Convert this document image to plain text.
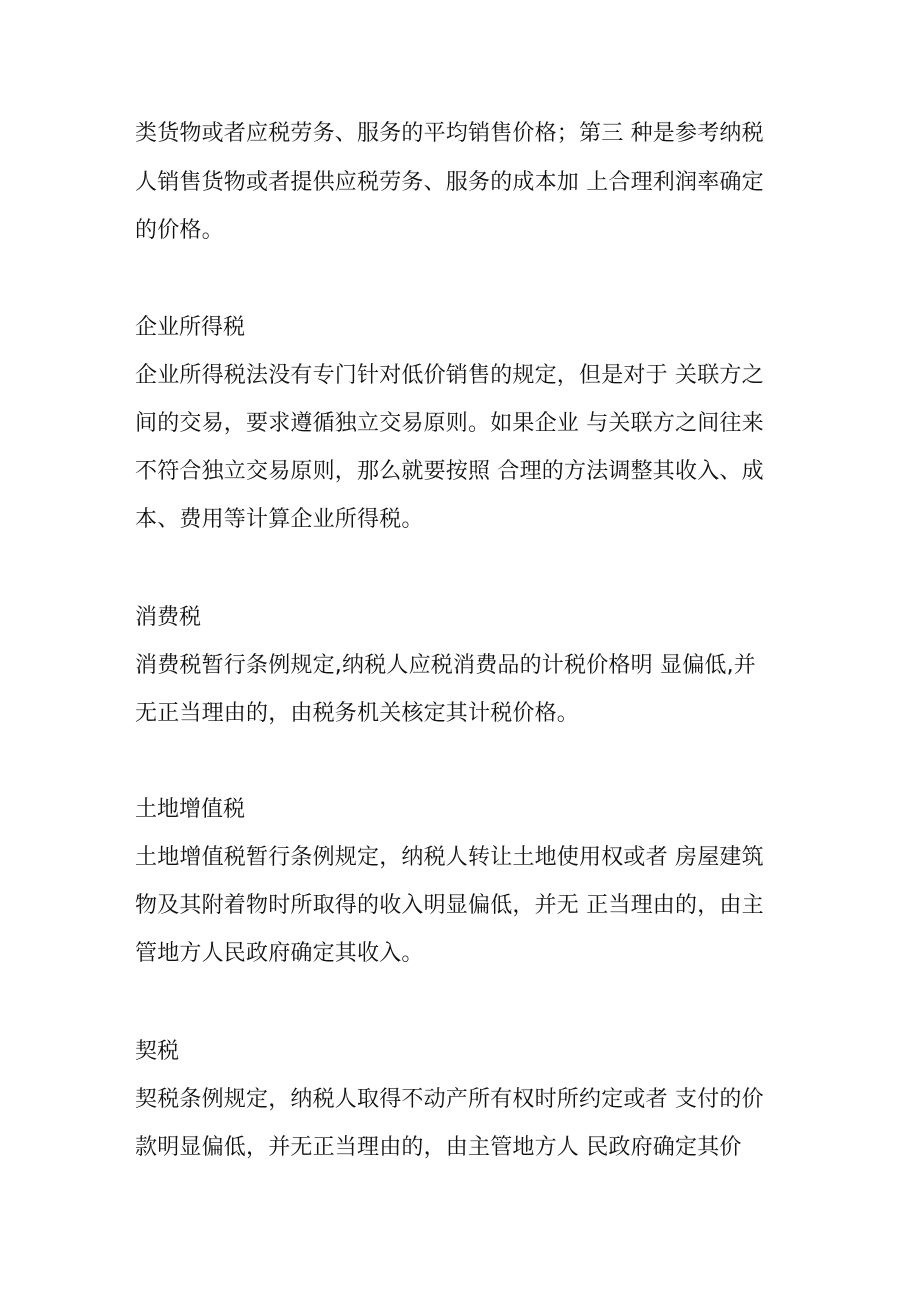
类货物或者应税劳务、服务的平均销售价格；第三 种是参考纳税
人销售货物或者提供应税劳务、服务的成本加 上合理利润率确定
的价格。
企业所得税
企业所得税法没有专门针对低价销售的规定，但是对于 关联方之
间的交易，要求遵循独立交易原则。如果企业 与关联方之间往来
不符合独立交易原则，那么就要按照 合理的方法调整其收入、成
本、费用等计算企业所得税。
消费税
消费税暂行条例规定,纳税人应税消费品的计税价格明 显偏低,并
无正当理由的，由税务机关核定其计税价格。
土地增值税
土地增值税暂行条例规定，纳税人转让土地使用权或者 房屋建筑
物及其附着物时所取得的收入明显偏低，并无 正当理由的，由主
管地方人民政府确定其收入。
契税
契税条例规定，纳税人取得不动产所有权时所约定或者 支付的价
款明显偏低，并无正当理由的，由主管地方人 民政府确定其价
